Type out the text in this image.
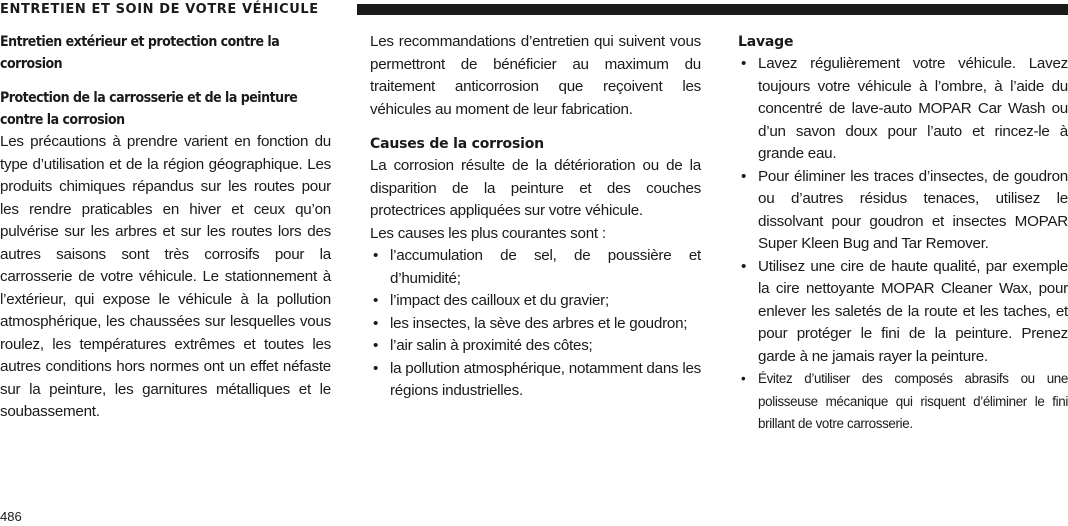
ENTRETIEN ET SOIN DE VOTRE VÉHICULE
Entretien extérieur et protection contre la corrosion
Protection de la carrosserie et de la peinture contre la corrosion

Les précautions à prendre varient en fonction du type d’utilisation et de la région géographique. Les produits chimiques répandus sur les routes pour les rendre praticables en hiver et ceux qu’on pulvérise sur les arbres et sur les routes lors des autres saisons sont très corrosifs pour la carrosserie de votre véhicule. Le stationnement à l’extérieur, qui expose le véhicule à la pollution atmosphérique, les chaussées sur lesquelles vous roulez, les températures extrêmes et toutes les autres conditions hors normes ont un effet néfaste sur la peinture, les garnitures métalliques et le soubassement.

Les recommandations d’entretien qui suivent vous permettront de bénéficier au maximum du traitement anticorrosion que reçoivent les véhicules au moment de leur fabrication.

Causes de la corrosion

La corrosion résulte de la détérioration ou de la disparition de la peinture et des couches protectrices appliquées sur votre véhicule.

Les causes les plus courantes sont :

• l’accumulation de sel, de poussière et d’humidité;
• l’impact des cailloux et du gravier;
• les insectes, la sève des arbres et le goudron;
• l’air salin à proximité des côtes;
• la pollution atmosphérique, notamment dans les régions industrielles.
Lavage
• Lavez régulièrement votre véhicule. Lavez toujours votre véhicule à l’ombre, à l’aide du concentré de lave-auto MOPAR Car Wash ou d’un savon doux pour l’auto et rincez-le à grande eau.
• Pour éliminer les traces d’insectes, de goudron ou d’autres résidus tenaces, utilisez le dissolvant pour goudron et insectes MOPAR Super Kleen Bug and Tar Remover.
• Utilisez une cire de haute qualité, par exemple la cire nettoyante MOPAR Cleaner Wax, pour enlever les saletés de la route et les taches, et pour protéger le fini de la peinture. Prenez garde à ne jamais rayer la peinture.
• Évitez d’utiliser des composés abrasifs ou une polisseuse mécanique qui risquent d’éliminer le fini brillant de votre carrosserie.
486
